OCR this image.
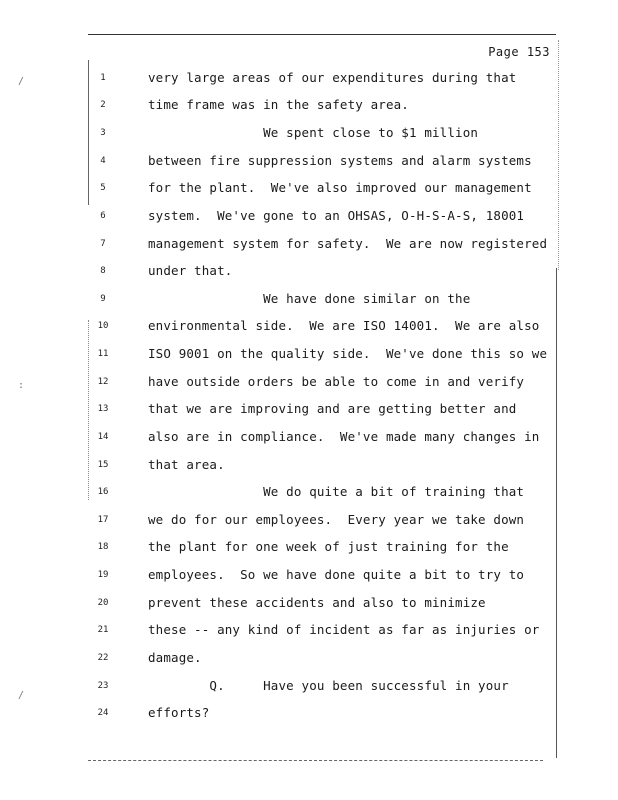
/
:
/
Page 153
1	very large areas of our expenditures during that
2	time frame was in the safety area.
3	We spent close to $1 million
4	between fire suppression systems and alarm systems
5	for the plant.  We've also improved our management
6	system.  We've gone to an OHSAS, O-H-S-A-S, 18001
7	management system for safety.  We are now registered
8	under that.
9	We have done similar on the
10	environmental side.  We are ISO 14001.  We are also
11	ISO 9001 on the quality side.  We've done this so we
12	have outside orders be able to come in and verify
13	that we are improving and are getting better and
14	also are in compliance.  We've made many changes in
15	that area.
16	We do quite a bit of training that
17	we do for our employees.  Every year we take down
18	the plant for one week of just training for the
19	employees.  So we have done quite a bit to try to
20	prevent these accidents and also to minimize
21	these -- any kind of incident as far as injuries or
22	damage.
23	Q.     Have you been successful in your
24	efforts?
